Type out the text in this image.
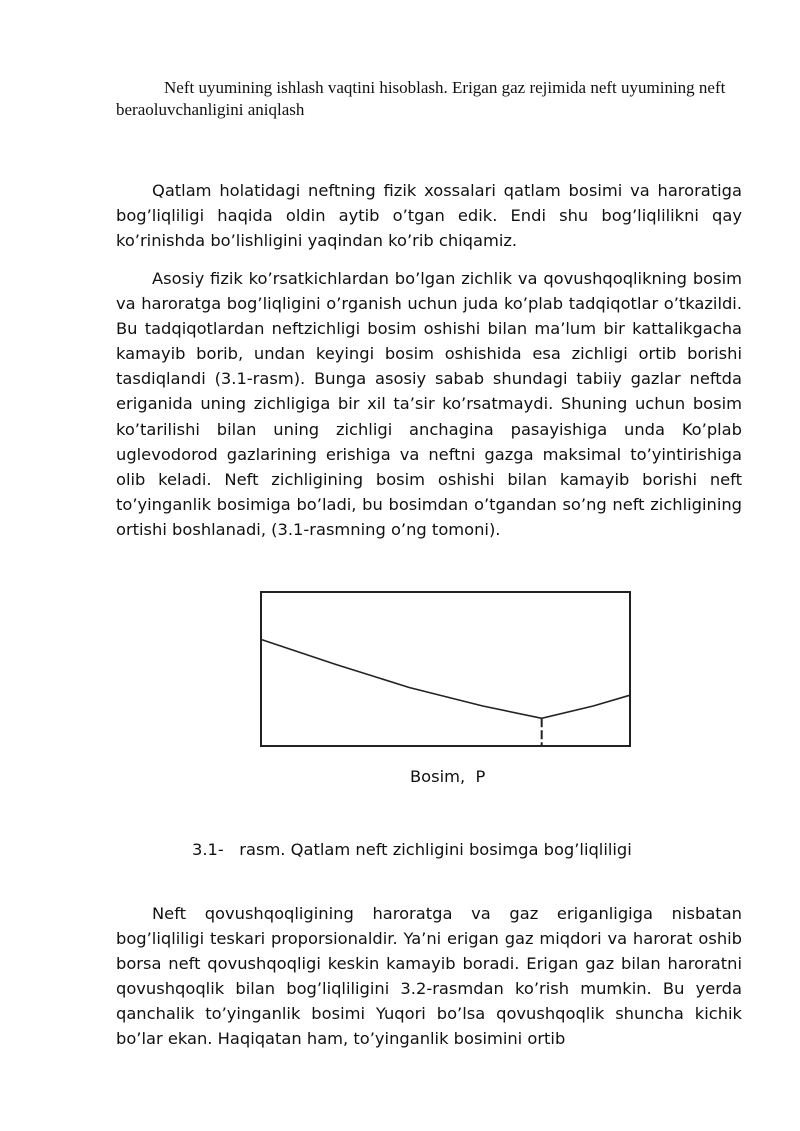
Neft uyumining ishlash vaqtini hisoblash. Erigan gaz rejimida neft uyumining neft beraoluvchanligini aniqlash

Qatlam holatidagi neftning fizik xossalari qatlam bosimi va haroratiga bog’liqliligi haqida oldin aytib o’tgan edik. Endi shu bog’liqlilikni qay ko’rinishda bo’lishligini yaqindan ko’rib chiqamiz.

Asosiy fizik ko’rsatkichlardan bo’lgan zichlik va qovushqoqlikning bosim va haroratga bog’liqligini o’rganish uchun juda ko’plab tadqiqotlar o’tkazildi. Bu tadqiqotlardan neftzichligi bosim oshishi bilan ma’lum bir kattalikgacha kamayib borib, undan keyingi bosim oshishida esa zichligi ortib borishi tasdiqlandi (3.1-rasm). Bunga asosiy sabab shundagi tabiiy gazlar neftda eriganida uning zichligiga bir xil ta’sir ko’rsatmaydi. Shuning uchun bosim ko’tarilishi bilan uning zichligi anchagina pasayishiga unda Ko’plab uglevodorod gazlarining erishiga va neftni gazga maksimal to’yintirishiga olib keladi. Neft zichligining bosim oshishi bilan kamayib borishi neft to’yinganlik bosimiga bo’ladi, bu bosimdan o’tgandan so’ng neft zichligining ortishi boshlanadi, (3.1-rasmning o’ng tomoni).

Bosim,  P

3.1-   rasm. Qatlam neft zichligini bosimga bog’liqliligi

Neft qovushqoqligining haroratga va gaz eriganligiga nisbatan bog’liqliligi teskari proporsionaldir. Ya’ni erigan gaz miqdori va harorat oshib borsa neft qovushqoqligi keskin kamayib boradi. Erigan gaz bilan haroratni qovushqoqlik bilan bog’liqliligini 3.2-rasmdan ko’rish mumkin. Bu yerda qanchalik to’yinganlik bosimi Yuqori bo’lsa qovushqoqlik shuncha kichik bo’lar ekan. Haqiqatan ham, to’yinganlik bosimini ortib
